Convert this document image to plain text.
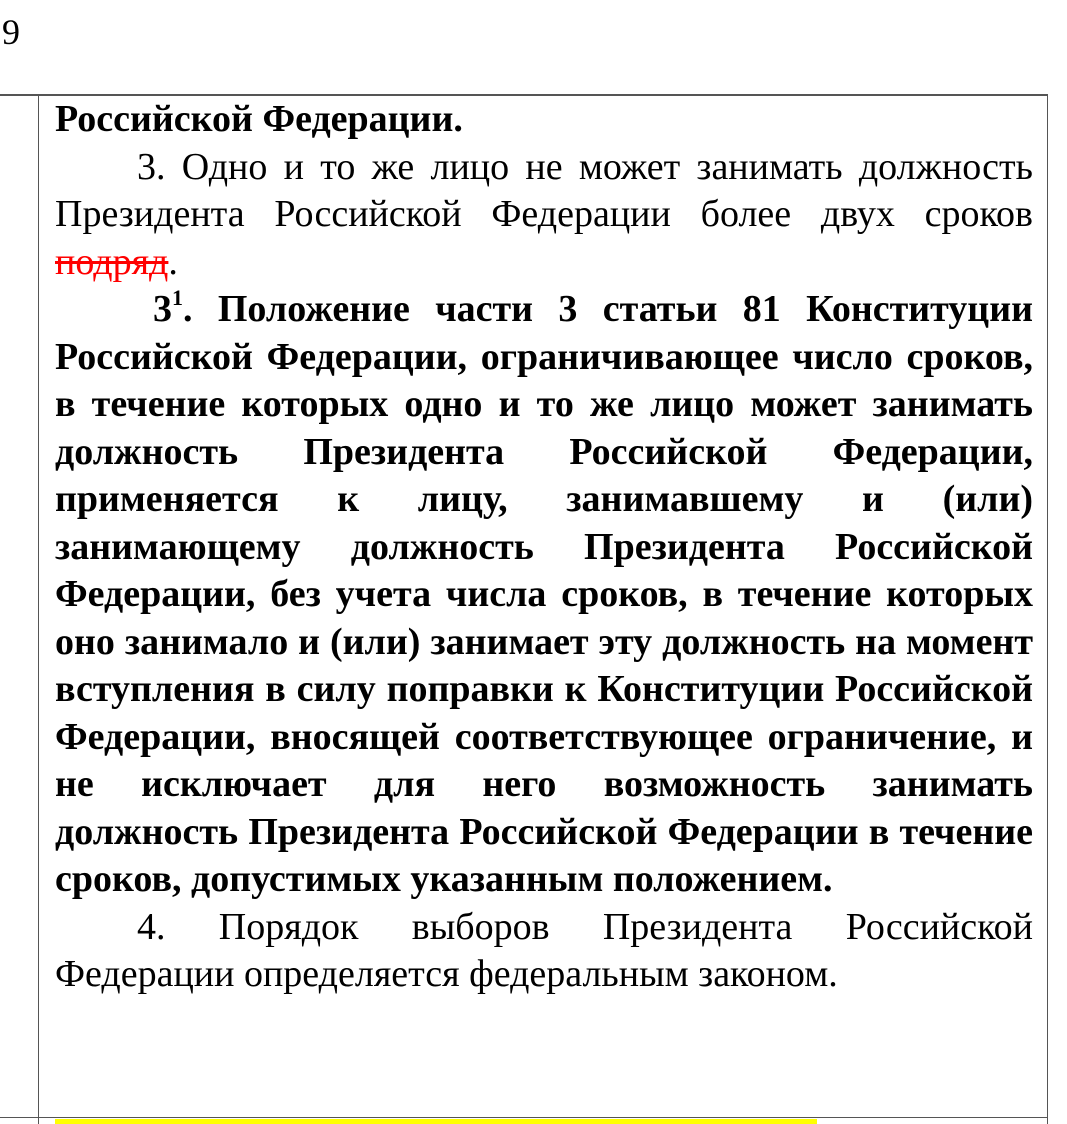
9

Российской Федерации.

3. Одно и то же лицо не может занимать должность Президента Российской Федерации более двух сроков подряд.

$3^1$. Положение части 3 статьи 81 Конституции Российской Федерации, ограничивающее число сроков, в течение которых одно и то же лицо может занимать должность Президента Российской Федерации, применяется к лицу, занимавшему и (или) занимающему должность Президента Российской Федерации, без учета числа сроков, в течение которых оно занимало и (или) занимает эту должность на момент вступления в силу поправки к Конституции Российской Федерации, вносящей соответствующее ограничение, и не исключает для него возможность занимать должность Президента Российской Федерации в течение сроков, допустимых указанным положением.

4. Порядок выборов Президента Российской Федерации определяется федеральным законом.
